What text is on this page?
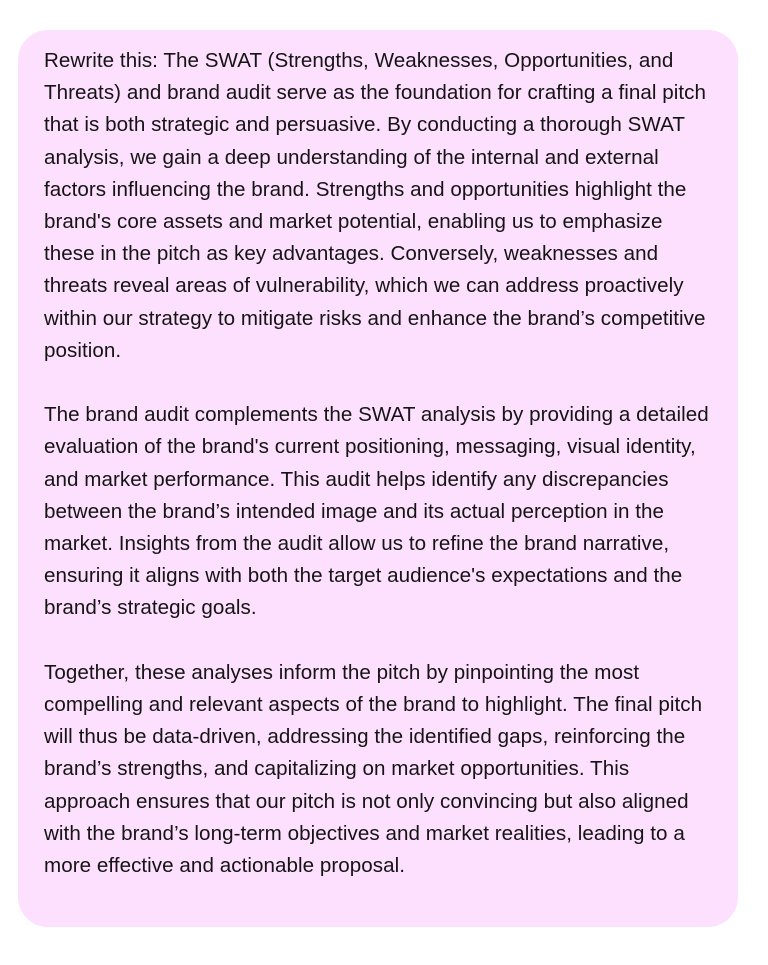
Rewrite this: The SWAT (Strengths, Weaknesses, Opportunities, and Threats) and brand audit serve as the foundation for crafting a final pitch that is both strategic and persuasive. By conducting a thorough SWAT analysis, we gain a deep understanding of the internal and external factors influencing the brand. Strengths and opportunities highlight the brand's core assets and market potential, enabling us to emphasize these in the pitch as key advantages. Conversely, weaknesses and threats reveal areas of vulnerability, which we can address proactively within our strategy to mitigate risks and enhance the brand’s competitive position.

The brand audit complements the SWAT analysis by providing a detailed evaluation of the brand's current positioning, messaging, visual identity, and market performance. This audit helps identify any discrepancies between the brand’s intended image and its actual perception in the market. Insights from the audit allow us to refine the brand narrative, ensuring it aligns with both the target audience's expectations and the brand’s strategic goals.

Together, these analyses inform the pitch by pinpointing the most compelling and relevant aspects of the brand to highlight. The final pitch will thus be data-driven, addressing the identified gaps, reinforcing the brand’s strengths, and capitalizing on market opportunities. This approach ensures that our pitch is not only convincing but also aligned with the brand’s long-term objectives and market realities, leading to a more effective and actionable proposal.
